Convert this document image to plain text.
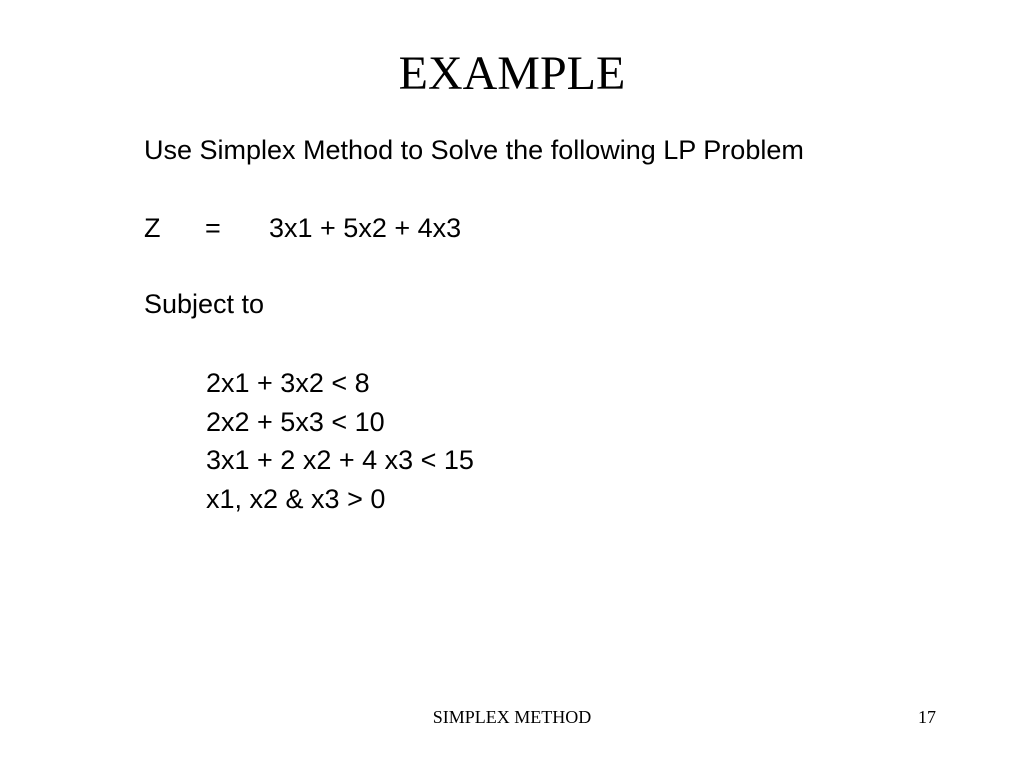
EXAMPLE
Use Simplex Method to Solve the following LP Problem
Z = 3x1 + 5x2 + 4x3
Subject to
2x1 + 3x2 < 8
2x2 + 5x3 < 10
3x1 + 2 x2 + 4 x3 < 15
x1, x2 & x3 > 0
SIMPLEX METHOD	17
